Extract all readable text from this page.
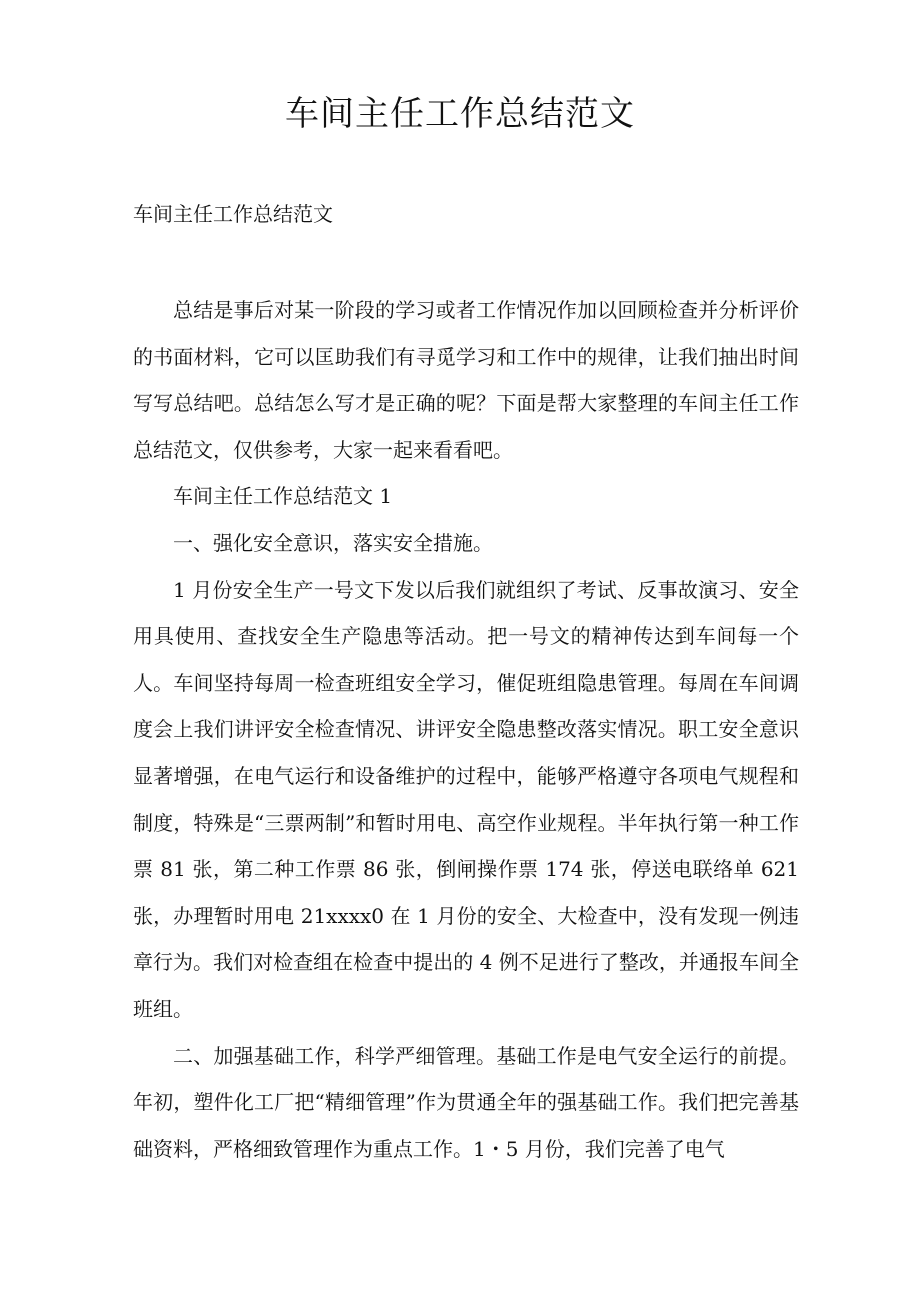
车间主任工作总结范文

车间主任工作总结范文

总结是事后对某一阶段的学习或者工作情况作加以回顾检查并分析评价的书面材料，它可以匡助我们有寻觅学习和工作中的规律，让我们抽出时间写写总结吧。总结怎么写才是正确的呢？下面是帮大家整理的车间主任工作总结范文，仅供参考，大家一起来看看吧。

车间主任工作总结范文 1

一、强化安全意识，落实安全措施。

1 月份安全生产一号文下发以后我们就组织了考试、反事故演习、安全用具使用、查找安全生产隐患等活动。把一号文的精神传达到车间每一个人。车间坚持每周一检查班组安全学习，催促班组隐患管理。每周在车间调度会上我们讲评安全检查情况、讲评安全隐患整改落实情况。职工安全意识显著增强，在电气运行和设备维护的过程中，能够严格遵守各项电气规程和制度，特殊是“三票两制”和暂时用电、高空作业规程。半年执行第一种工作票 81 张，第二种工作票 86 张，倒闸操作票 174 张，停送电联络单 621 张，办理暂时用电 21xxxx0 在 1 月份的安全、大检查中，没有发现一例违章行为。我们对检查组在检查中提出的 4 例不足进行了整改，并通报车间全班组。

二、加强基础工作，科学严细管理。基础工作是电气安全运行的前提。年初，塑件化工厂把“精细管理”作为贯通全年的强基础工作。我们把完善基础资料，严格细致管理作为重点工作。1・5 月份，我们完善了电气
